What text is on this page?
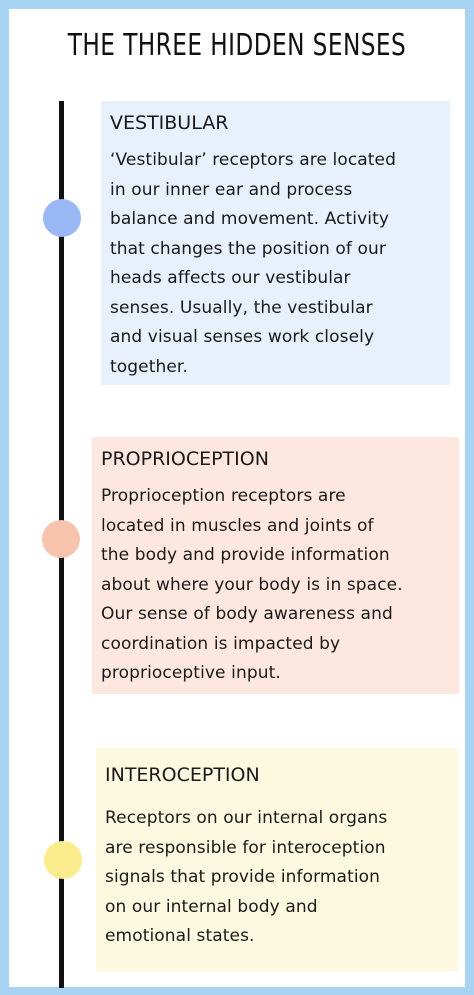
THE THREE HIDDEN SENSES
VESTIBULAR
‘Vestibular’ receptors are located
in our inner ear and process
balance and movement. Activity
that changes the position of our
heads affects our vestibular
senses. Usually, the vestibular
and visual senses work closely
together.
PROPRIOCEPTION
Proprioception receptors are
located in muscles and joints of
the body and provide information
about where your body is in space.
Our sense of body awareness and
coordination is impacted by
proprioceptive input.
INTEROCEPTION
Receptors on our internal organs
are responsible for interoception
signals that provide information
on our internal body and
emotional states.
